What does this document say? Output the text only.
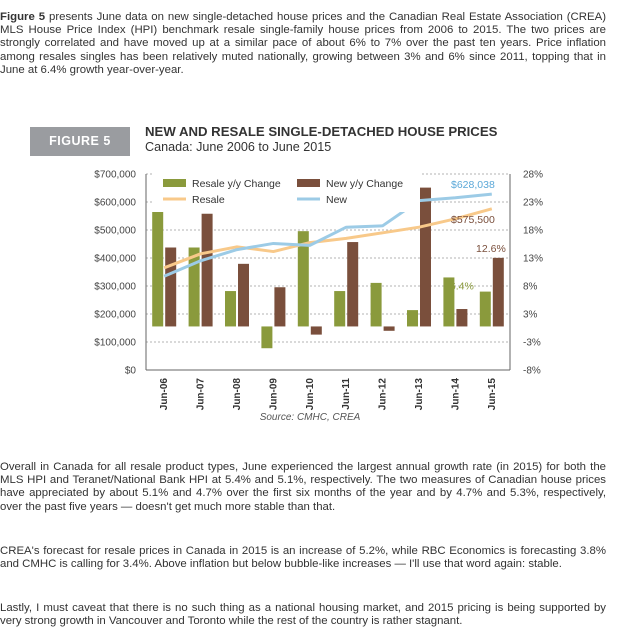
Figure 5 presents June data on new single-detached house prices and the Canadian Real Estate Association (CREA) MLS House Price Index (HPI) benchmark resale single-family house prices from 2006 to 2015. The two prices are strongly correlated and have moved up at a similar pace of about 6% to 7% over the past ten years. Price inflation among resales singles has been relatively muted nationally, growing between 3% and 6% since 2011, topping that in June at 6.4% growth year-over-year.

FIGURE 5
NEW AND RESALE SINGLE-DETACHED HOUSE PRICES
Canada: June 2006 to June 2015
$0	-8%
$100,000	-3%
$200,000	3%
$300,000	8%
$400,000	13%
$500,000	18%
$600,000	23%
$700,000	28%
Jun-06	Jun-07	Jun-08	Jun-09	Jun-10	Jun-11	Jun-12	Jun-13	Jun-14	Jun-15
Resale y/y Change	New y/y Change
Resale	New
$628,038
$575,500
12.6%
6.4%
Source: CMHC, CREA

Overall in Canada for all resale product types, June experienced the largest annual growth rate (in 2015) for both the MLS HPI and Teranet/National Bank HPI at 5.4% and 5.1%, respectively. The two measures of Canadian house prices have appreciated by about 5.1% and 4.7% over the first six months of the year and by 4.7% and 5.3%, respectively, over the past five years — doesn't get much more stable than that.

CREA's forecast for resale prices in Canada in 2015 is an increase of 5.2%, while RBC Economics is forecasting 3.8% and CMHC is calling for 3.4%. Above inflation but below bubble-like increases — I'll use that word again: stable.

Lastly, I must caveat that there is no such thing as a national housing market, and 2015 pricing is being supported by very strong growth in Vancouver and Toronto while the rest of the country is rather stagnant.
